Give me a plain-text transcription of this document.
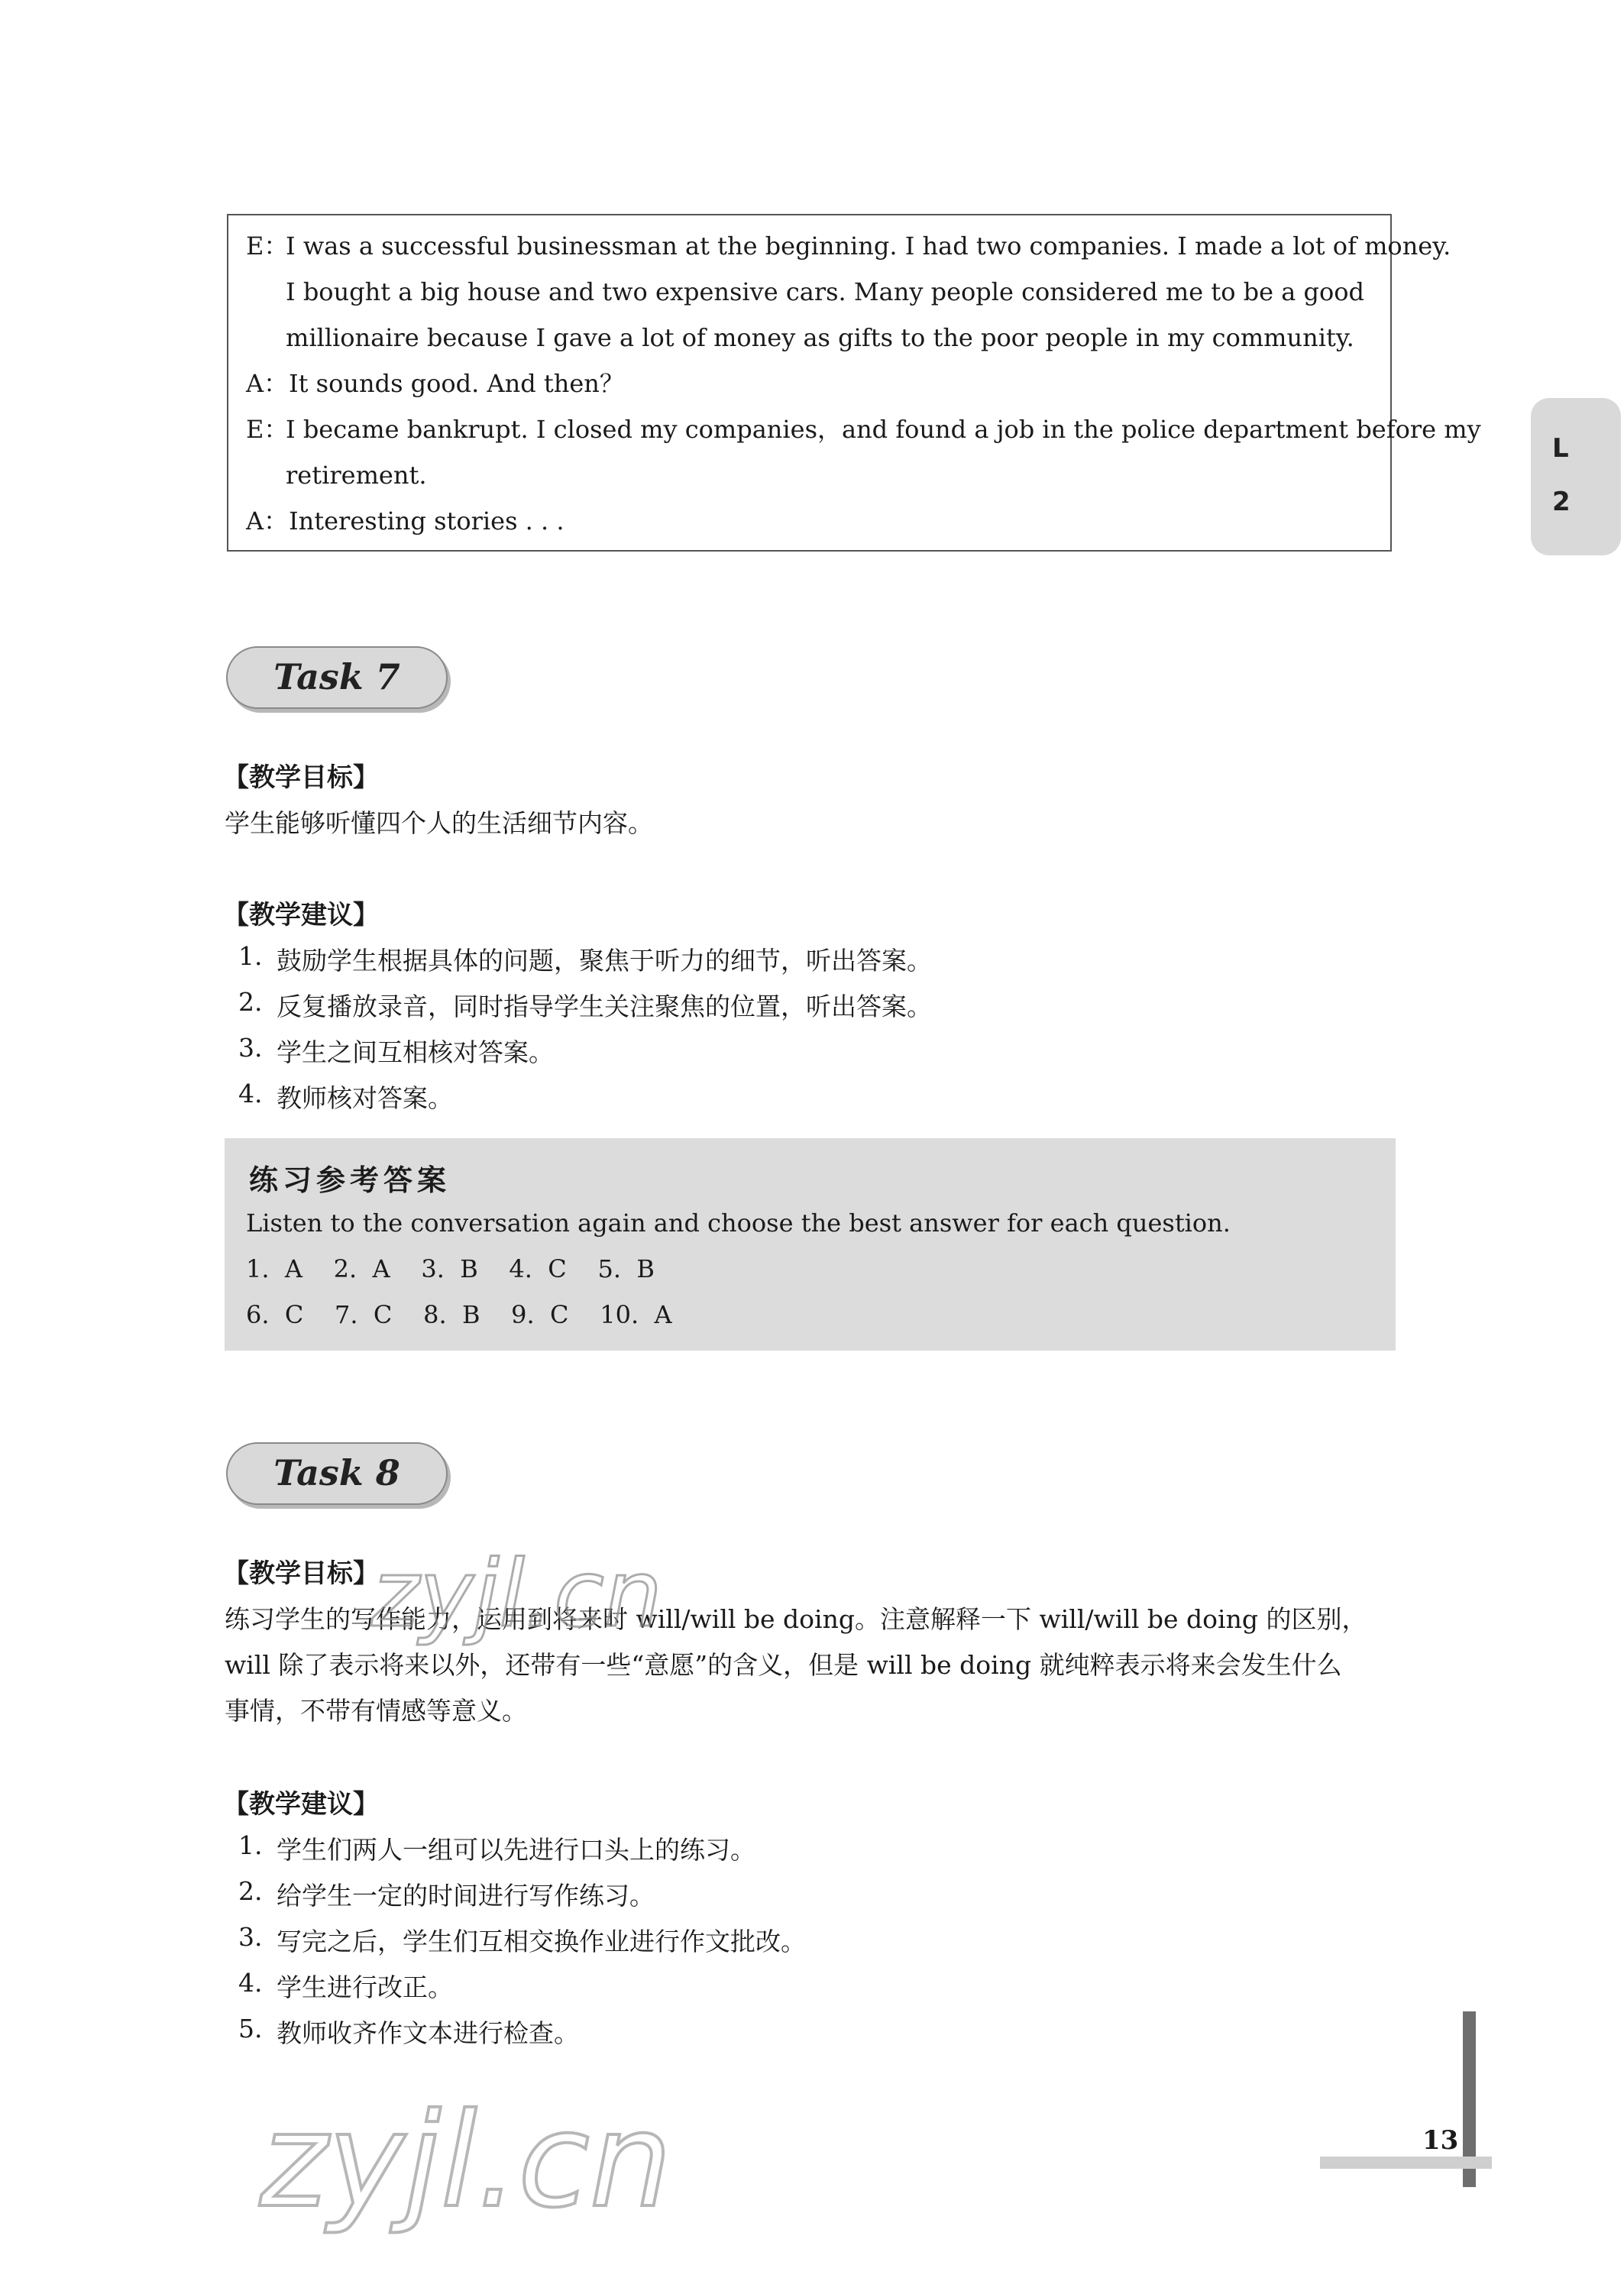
E：
I was a successful businessman at the beginning. I had two companies. I made a lot of money.
I bought a big house and two expensive cars. Many people considered me to be a good
millionaire because I gave a lot of money as gifts to the poor people in my community.
A： It sounds good. And then？
E：
I became bankrupt. I closed my companies，and found a job in the police department before my
retirement.
A： Interesting stories . . .
L
2
Task 7
【教学目标】
学生能够听懂四个人的生活细节内容。
【教学建议】
1. 鼓励学生根据具体的问题，聚焦于听力的细节，听出答案。
2. 反复播放录音，同时指导学生关注聚焦的位置，听出答案。
3. 学生之间互相核对答案。
4. 教师核对答案。
练习参考答案
Listen to the conversation again and choose the best answer for each question.
1.  A    2.  A    3.  B    4.  C    5.  B
6.  C    7.  C    8.  B    9.  C    10.  A
Task 8
【教学目标】
练习学生的写作能力，运用到将来时 will/will be doing。注意解释一下 will/will be doing 的区别，
will 除了表示将来以外，还带有一些“意愿”的含义，但是 will be doing 就纯粹表示将来会发生什么
事情，不带有情感等意义。
【教学建议】
1. 学生们两人一组可以先进行口头上的练习。
2. 给学生一定的时间进行写作练习。
3. 写完之后，学生们互相交换作业进行作文批改。
4. 学生进行改正。
5. 教师收齐作文本进行检查。
zyjl.cn
zyjl.cn	13
